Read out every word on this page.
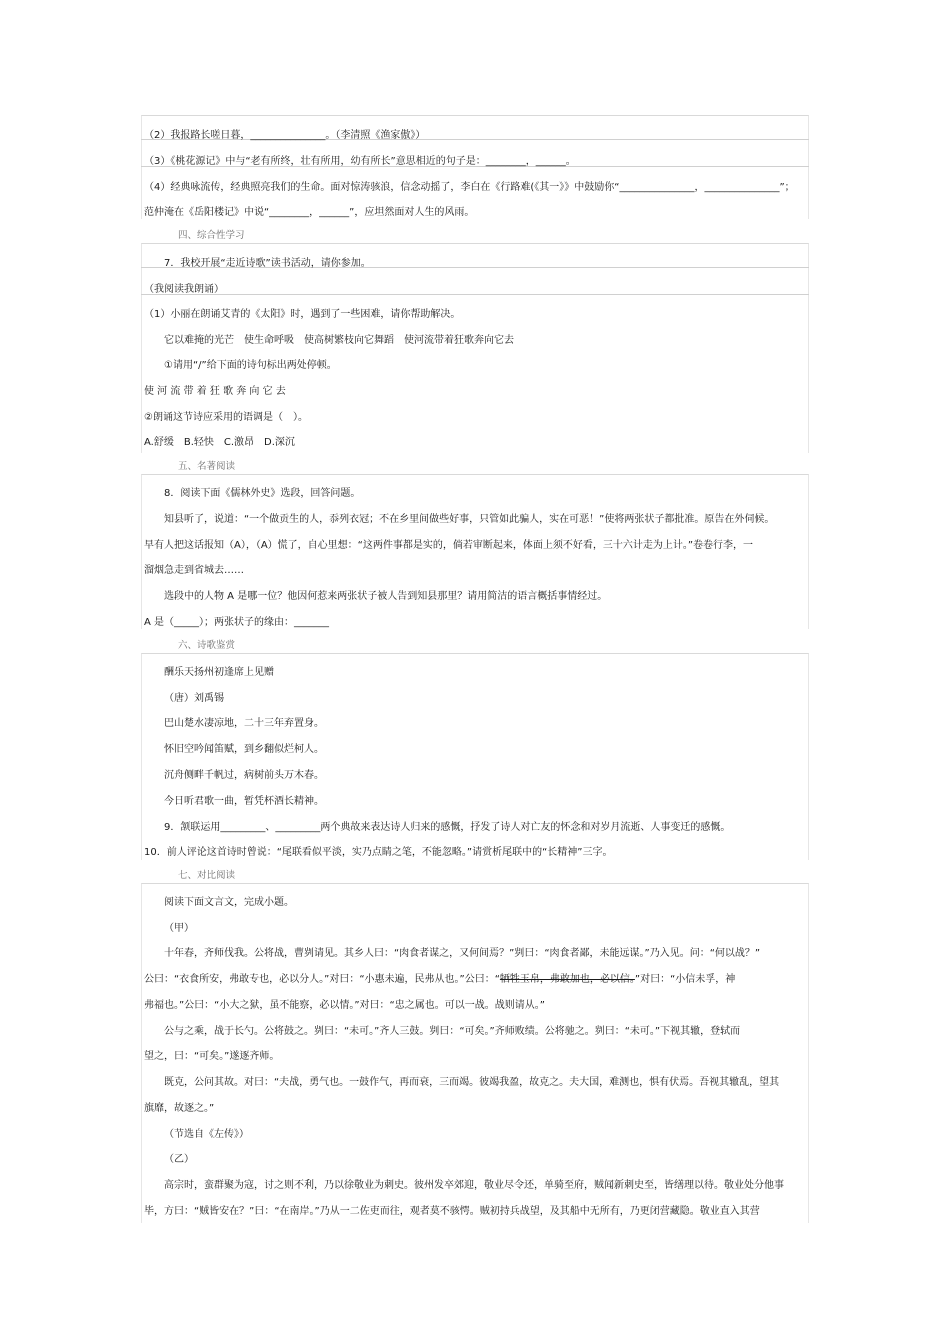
（2）我报路长嗟日暮，_______________。（李清照《渔家傲》）
（3）《桃花源记》中与“老有所终，壮有所用，幼有所长”意思相近的句子是：________，______。
（4）经典咏流传，经典照亮我们的生命。面对惊涛骇浪，信念动摇了，李白在《行路难(《其一》》中鼓励你“_______________，_______________”；
范仲淹在《岳阳楼记》中说“________，______”，应坦然面对人生的风雨。
四、综合性学习
7．我校开展“走近诗歌”读书活动，请你参加。
（我阅读我朗诵）
（1）小丽在朗诵艾青的《太阳》时，遇到了一些困难，请你帮助解决。
它以难掩的光芒　使生命呼吸　使高树繁枝向它舞蹈　使河流带着狂歌奔向它去
①请用“/”给下面的诗句标出两处停顿。
使 河 流 带 着 狂 歌 奔 向 它 去
②朗诵这节诗应采用的语调是（　）。
A.舒缓　B.轻快　C.激昂　D.深沉
五、名著阅读
8．阅读下面《儒林外史》选段，回答问题。
知县听了，说道：“一个做贡生的人，忝列衣冠；不在乡里间做些好事，只管如此骗人，实在可恶！”使将两张状子都批准。原告在外伺候。
早有人把这话报知（A），（A）慌了，自心里想：“这两件事都是实的，倘若审断起来，体面上须不好看，三十六计走为上计。”卷卷行李，一
溜烟急走到省城去……
选段中的人物 A 是哪一位？他因何惹来两张状子被人告到知县那里？请用简洁的语言概括事情经过。
A 是（_____）；两张状子的缘由：_______
六、诗歌鉴赏
酬乐天扬州初逢席上见赠
（唐）刘禹锡
巴山楚水凄凉地，二十三年弃置身。
怀旧空吟闻笛赋，到乡翻似烂柯人。
沉舟侧畔千帆过，病树前头万木春。
今日听君歌一曲，暂凭杯酒长精神。
9．颔联运用_________、_________两个典故来表达诗人归来的感慨，抒发了诗人对亡友的怀念和对岁月流逝、人事变迁的感慨。
10．前人评论这首诗时曾说：“尾联看似平淡，实乃点睛之笔，不能忽略。”请赏析尾联中的“长精神”三字。
七、对比阅读
阅读下面文言文，完成小题。
（甲）
十年春，齐师伐我。公将战，曹刿请见。其乡人曰：“肉食者谋之，又何间焉？”刿曰：“肉食者鄙，未能远谋。”乃入见。问：“何以战？”
公曰：“衣食所安，弗敢专也，必以分人。”对曰：“小惠未遍，民弗从也。”公曰：“牺牲玉帛，弗敢加也，必以信。”对曰：“小信未孚，神
弗福也。”公曰：“小大之狱，虽不能察，必以情。”对曰：“忠之属也。可以一战。战则请从。”
公与之乘，战于长勺。公将鼓之。刿曰：“未可。”齐人三鼓。刿曰：“可矣。”齐师败绩。公将驰之。刿曰：“未可。”下视其辙，登轼而
望之，曰：“可矣。”遂逐齐师。
既克，公问其故。对曰：“夫战，勇气也。一鼓作气，再而衰，三而竭。彼竭我盈，故克之。夫大国，难测也，惧有伏焉。吾视其辙乱，望其
旗靡，故逐之。”
（节选自《左传》）
（乙）
高宗时，蛮群聚为寇，讨之则不利，乃以徐敬业为刺史。彼州发卒郊迎，敬业尽令还，单骑至府，贼闻新刺史至，皆缮理以待。敬业处分他事
毕，方曰：“贼皆安在？”曰：“在南岸。”乃从一二佐吏而往，观者莫不骇愕。贼初持兵战望，及其船中无所有，乃更闭营藏隐。敬业直入其营
